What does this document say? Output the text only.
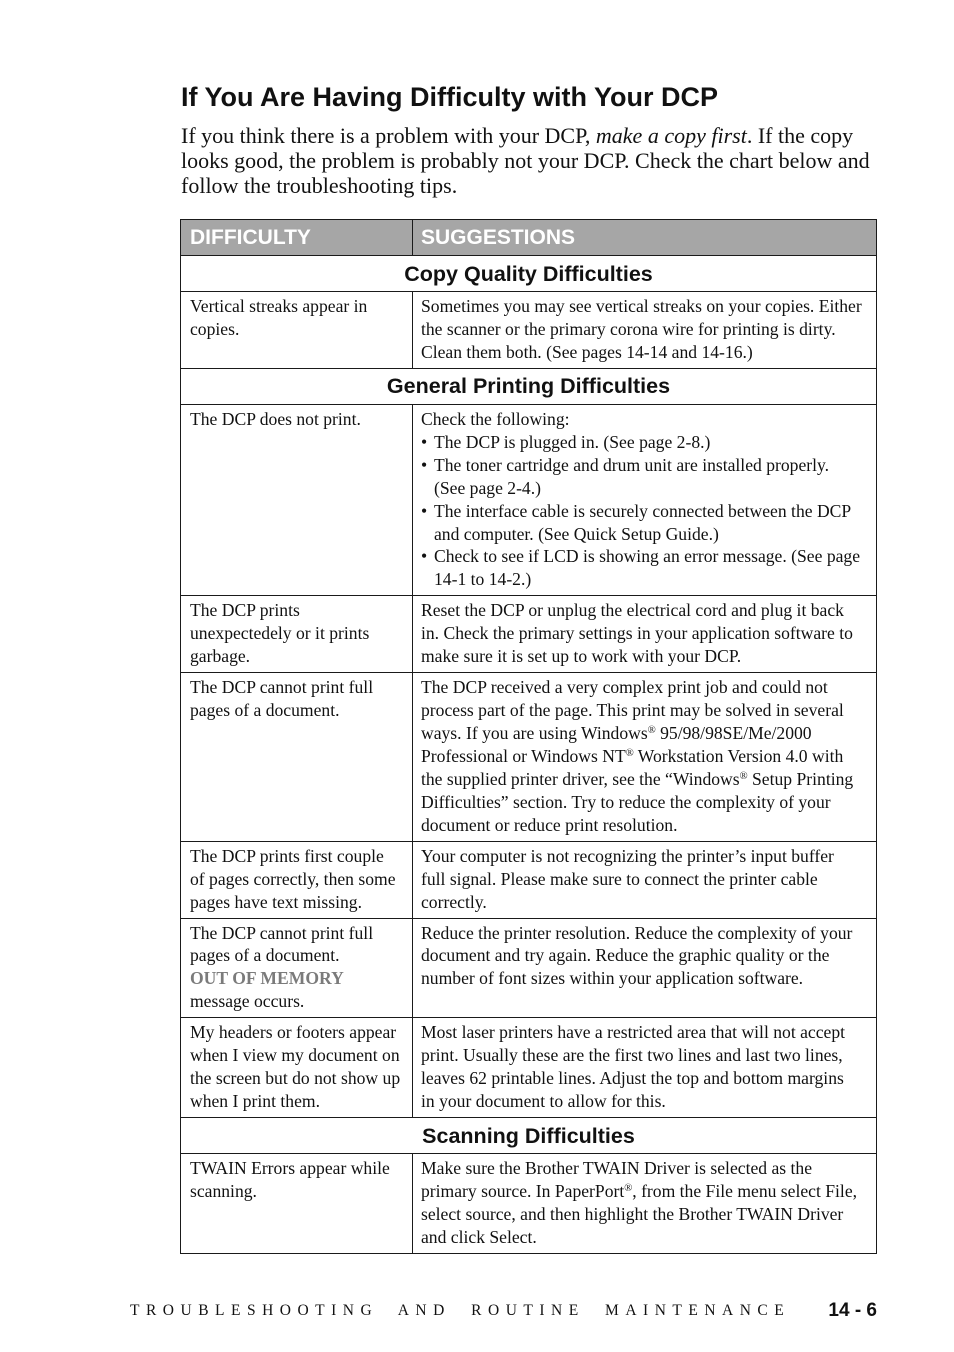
If You Are Having Difficulty with Your DCP

If you think there is a problem with your DCP, make a copy first. If the copy looks good, the problem is probably not your DCP. Check the chart below and follow the troubleshooting tips.

DIFFICULTY	SUGGESTIONS
Copy Quality Difficulties
Vertical streaks appear in
copies.
Sometimes you may see vertical streaks on your copies. Either
the scanner or the primary corona wire for printing is dirty.
Clean them both. (See pages 14-14 and 14-16.)
General Printing Difficulties
The DCP does not print.	Check the following:
• The DCP is plugged in. (See page 2-8.)
• The toner cartridge and drum unit are installed properly.
(See page 2-4.)
• The interface cable is securely connected between the DCP
and computer. (See Quick Setup Guide.)
• Check to see if LCD is showing an error message. (See page
14-1 to 14-2.)
The DCP prints
unexpectedely or it prints
garbage.
Reset the DCP or unplug the electrical cord and plug it back
in. Check the primary settings in your application software to
make sure it is set up to work with your DCP.
The DCP cannot print full
pages of a document.
The DCP received a very complex print job and could not
process part of the page. This print may be solved in several
ways. If you are using Windows® 95/98/98SE/Me/2000
Professional or Windows NT® Workstation Version 4.0 with
the supplied printer driver, see the “Windows® Setup Printing
Difficulties” section. Try to reduce the complexity of your
document or reduce print resolution.
The DCP prints first couple
of pages correctly, then some
pages have text missing.
Your computer is not recognizing the printer’s input buffer
full signal. Please make sure to connect the printer cable
correctly.
The DCP cannot print full
pages of a document.
OUT OF MEMORY
message occurs.
Reduce the printer resolution. Reduce the complexity of your
document and try again. Reduce the graphic quality or the
number of font sizes within your application software.
My headers or footers appear
when I view my document on
the screen but do not show up
when I print them.
Most laser printers have a restricted area that will not accept
print. Usually these are the first two lines and last two lines,
leaves 62 printable lines. Adjust the top and bottom margins
in your document to allow for this.
Scanning Difficulties
TWAIN Errors appear while
scanning.
Make sure the Brother TWAIN Driver is selected as the
primary source. In PaperPort®, from the File menu select File,
select source, and then highlight the Brother TWAIN Driver
and click Select.
TROUBLESHOOTING AND ROUTINE MAINTENANCE 14 - 6
